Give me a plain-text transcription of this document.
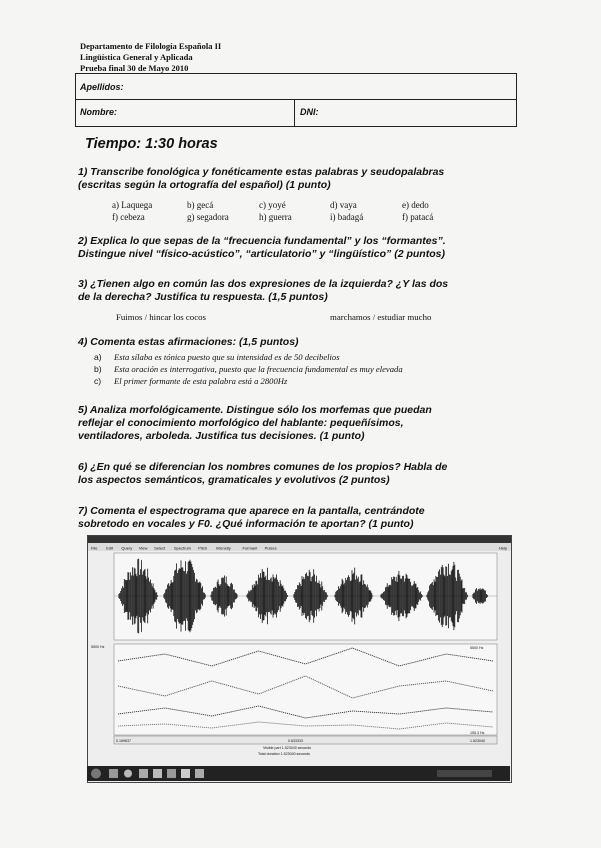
Departamento de Filología Española II
Lingüística General y Aplicada
Prueba final 30 de Mayo 2010
Apellidos:
Nombre:	DNI:
Tiempo: 1:30 horas
1) Transcribe fonológica y fonéticamente estas palabras y seudopalabras
(escritas según la ortografía del español) (1 punto)
a) Laquega	b) gecá	c) yoyé	d) vaya	e) dedo
f) cebeza	g) segadora	h) guerra	i) badagá	f) patacá
2) Explica lo que sepas de la “frecuencia fundamental” y los “formantes”.
Distingue nivel “físico-acústico”, “articulatorio” y “lingüístico” (2 puntos)
3) ¿Tienen algo en común las dos expresiones de la izquierda? ¿Y las dos
de la derecha? Justifica tu respuesta. (1,5 puntos)
Fuimos / hincar los cocos	marchamos / estudiar mucho
4) Comenta estas afirmaciones: (1,5 puntos)
a) Esta sílaba es tónica puesto que su intensidad es de 50 decibelios
b) Esta oración es interrogativa, puesto que la frecuencia fundamental es muy elevada
c) El primer formante de esta palabra está a 2800Hz
5) Analiza morfológicamente. Distingue sólo los morfemas que puedan
reflejar el conocimiento morfológico del hablante: pequeñísimos,
ventiladores, arboleda. Justifica tus decisiones. (1 punto)
6) ¿En qué se diferencian los nombres comunes de los propios? Habla de
los aspectos semánticos, gramaticales y evolutivos (2 puntos)
7) Comenta el espectrograma que aparece en la pantalla, centrándote
sobretodo en vocales y F0. ¿Qué información te aportan? (1 punto)
File Edit Query View Select Spectrum Pitch Intensity	Formant Pulses	Help
5500 Hz	5500 Hz
155.3 Hz
0.169637	0.633333	1.523040
Visible part 1.523040 seconds
Total duration 1.523040 seconds
